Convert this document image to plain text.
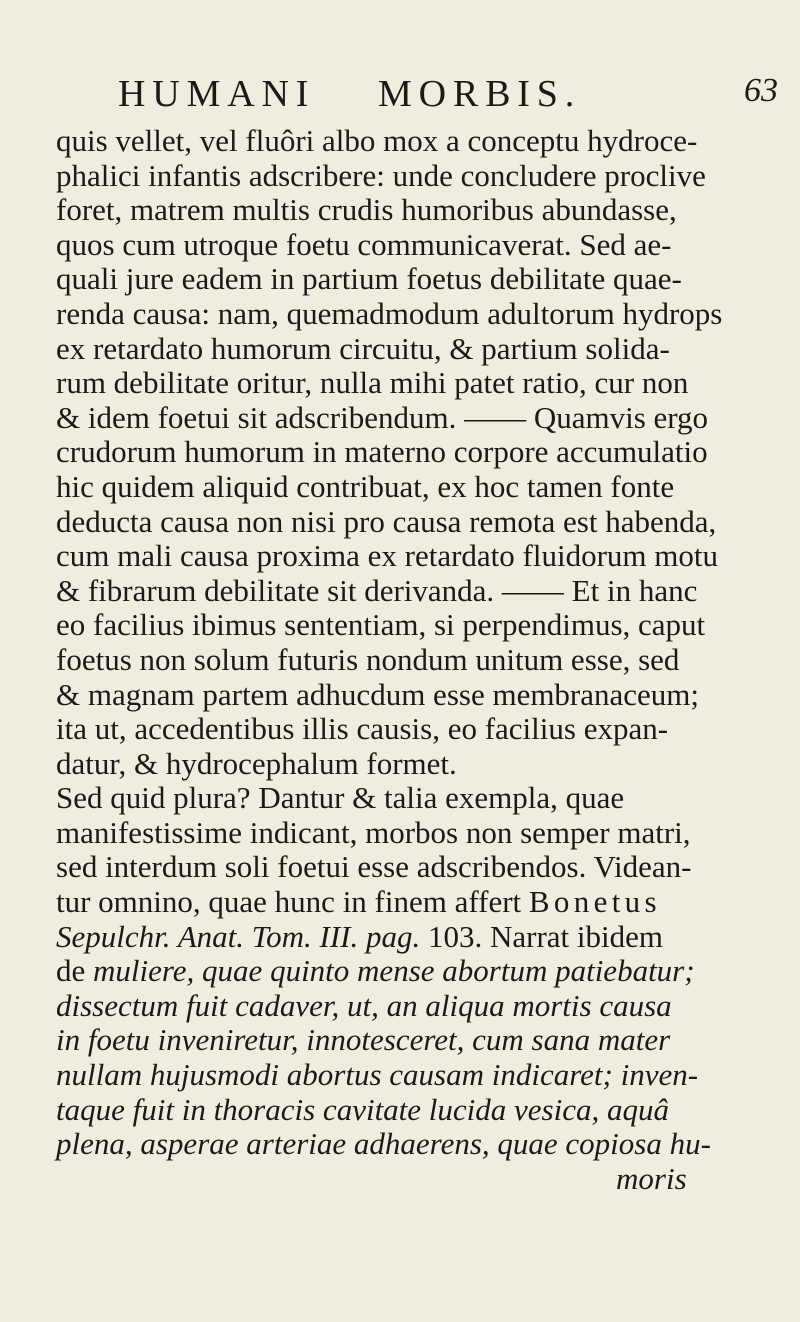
HUMANI MORBIS.	63
quis vellet, vel fluôri albo mox a conceptu hydroce-
phalici infantis adscribere: unde concludere proclive
foret, matrem multis crudis humoribus abundasse,
quos cum utroque foetu communicaverat. Sed ae-
quali jure eadem in partium foetus debilitate quae-
renda causa: nam, quemadmodum adultorum hydrops
ex retardato humorum circuitu, & partium solida-
rum debilitate oritur, nulla mihi patet ratio, cur non
& idem foetui sit adscribendum. —— Quamvis ergo
crudorum humorum in materno corpore accumulatio
hic quidem aliquid contribuat, ex hoc tamen fonte
deducta causa non nisi pro causa remota est habenda,
cum mali causa proxima ex retardato fluidorum motu
& fibrarum debilitate sit derivanda. —— Et in hanc
eo facilius ibimus sententiam, si perpendimus, caput
foetus non solum futuris nondum unitum esse, sed
& magnam partem adhucdum esse membranaceum;
ita ut, accedentibus illis causis, eo facilius expan-
datur, & hydrocephalum formet.
Sed quid plura? Dantur & talia exempla, quae
manifestissime indicant, morbos non semper matri,
sed interdum soli foetui esse adscribendos. Videan-
tur omnino, quae hunc in finem affert Bonetus
Sepulchr. Anat. Tom. III. pag. 103. Narrat ibidem
de muliere, quae quinto mense abortum patiebatur;
dissectum fuit cadaver, ut, an aliqua mortis causa
in foetu inveniretur, innotesceret, cum sana mater
nullam hujusmodi abortus causam indicaret; inven-
taque fuit in thoracis cavitate lucida vesica, aquâ
plena, asperae arteriae adhaerens, quae copiosa hu-
moris
